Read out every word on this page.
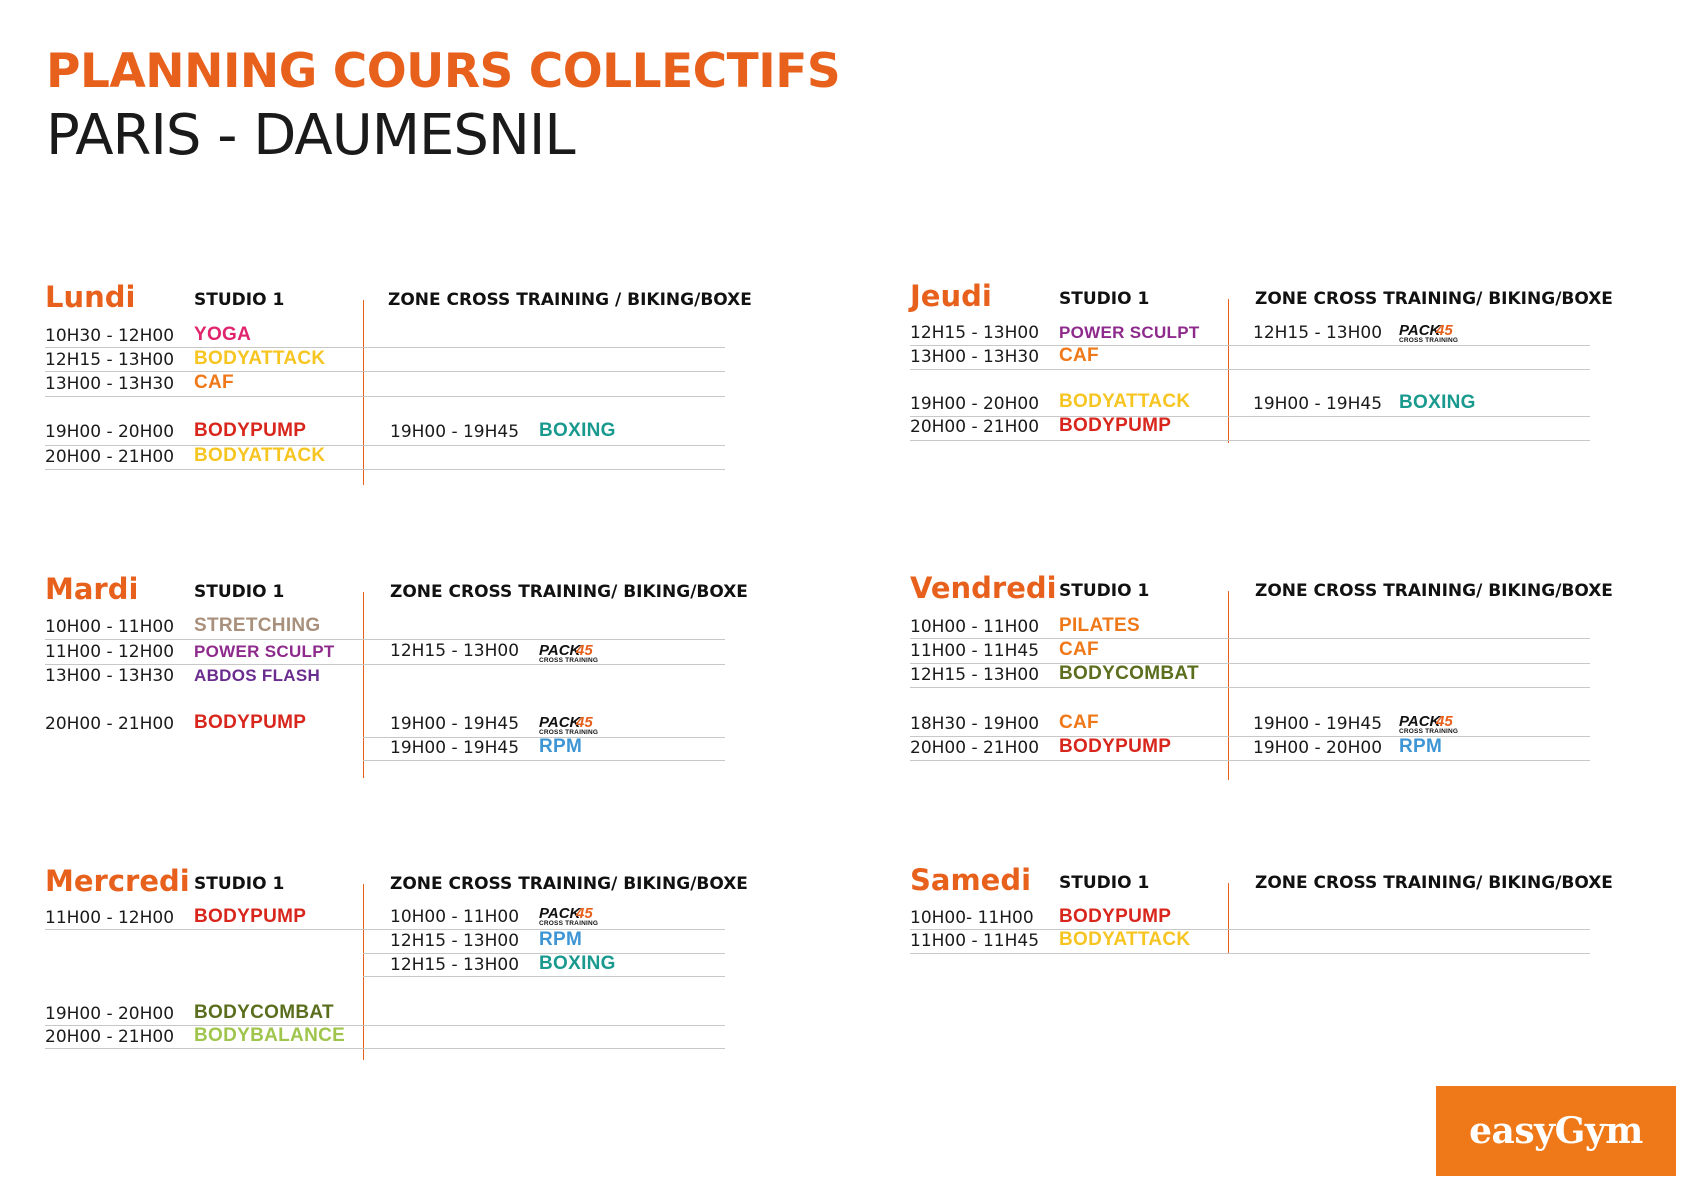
PLANNING COURS COLLECTIFS
PARIS - DAUMESNIL
Lundi	STUDIO 1	ZONE CROSS TRAINING / BIKING/BOXE
10H30 - 12H00 YOGA
12H15 - 13H00 BODYATTACK
13H00 - 13H30 CAF
19H00 - 20H00 BODYPUMP	19H00 - 19H45 BOXING
20H00 - 21H00 BODYATTACK
Mardi	STUDIO 1	ZONE CROSS TRAINING/ BIKING/BOXE
10H00 - 11H00 STRETCHING
11H00 - 12H00 POWER SCULPT	12H15 - 13H00 PACK
45
CROSS TRAINING
13H00 - 13H30 ABDOS FLASH
20H00 - 21H00 BODYPUMP	19H00 - 19H45 PACK
45
CROSS TRAINING
19H00 - 19H45 RPM
Mercredi STUDIO 1	ZONE CROSS TRAINING/ BIKING/BOXE
11H00 - 12H00 BODYPUMP	10H00 - 11H00 PACK
45
CROSS TRAINING
12H15 - 13H00 RPM
12H15 - 13H00 BOXING
19H00 - 20H00 BODYCOMBAT
20H00 - 21H00 BODYBALANCE
Jeudi	STUDIO 1	ZONE CROSS TRAINING/ BIKING/BOXE
12H15 - 13H00 POWER SCULPT	12H15 - 13H00 PACK
45
CROSS TRAINING
13H00 - 13H30 CAF
19H00 - 20H00 BODYATTACK	19H00 - 19H45 BOXING
20H00 - 21H00 BODYPUMP
Vendredi STUDIO 1	ZONE CROSS TRAINING/ BIKING/BOXE
10H00 - 11H00 PILATES
11H00 - 11H45 CAF
12H15 - 13H00 BODYCOMBAT
18H30 - 19H00 CAF	19H00 - 19H45 PACK
45
CROSS TRAINING
20H00 - 21H00 BODYPUMP	19H00 - 20H00 RPM
Samedi STUDIO 1	ZONE CROSS TRAINING/ BIKING/BOXE
10H00- 11H00 BODYPUMP
11H00 - 11H45 BODYATTACK
easyGym
